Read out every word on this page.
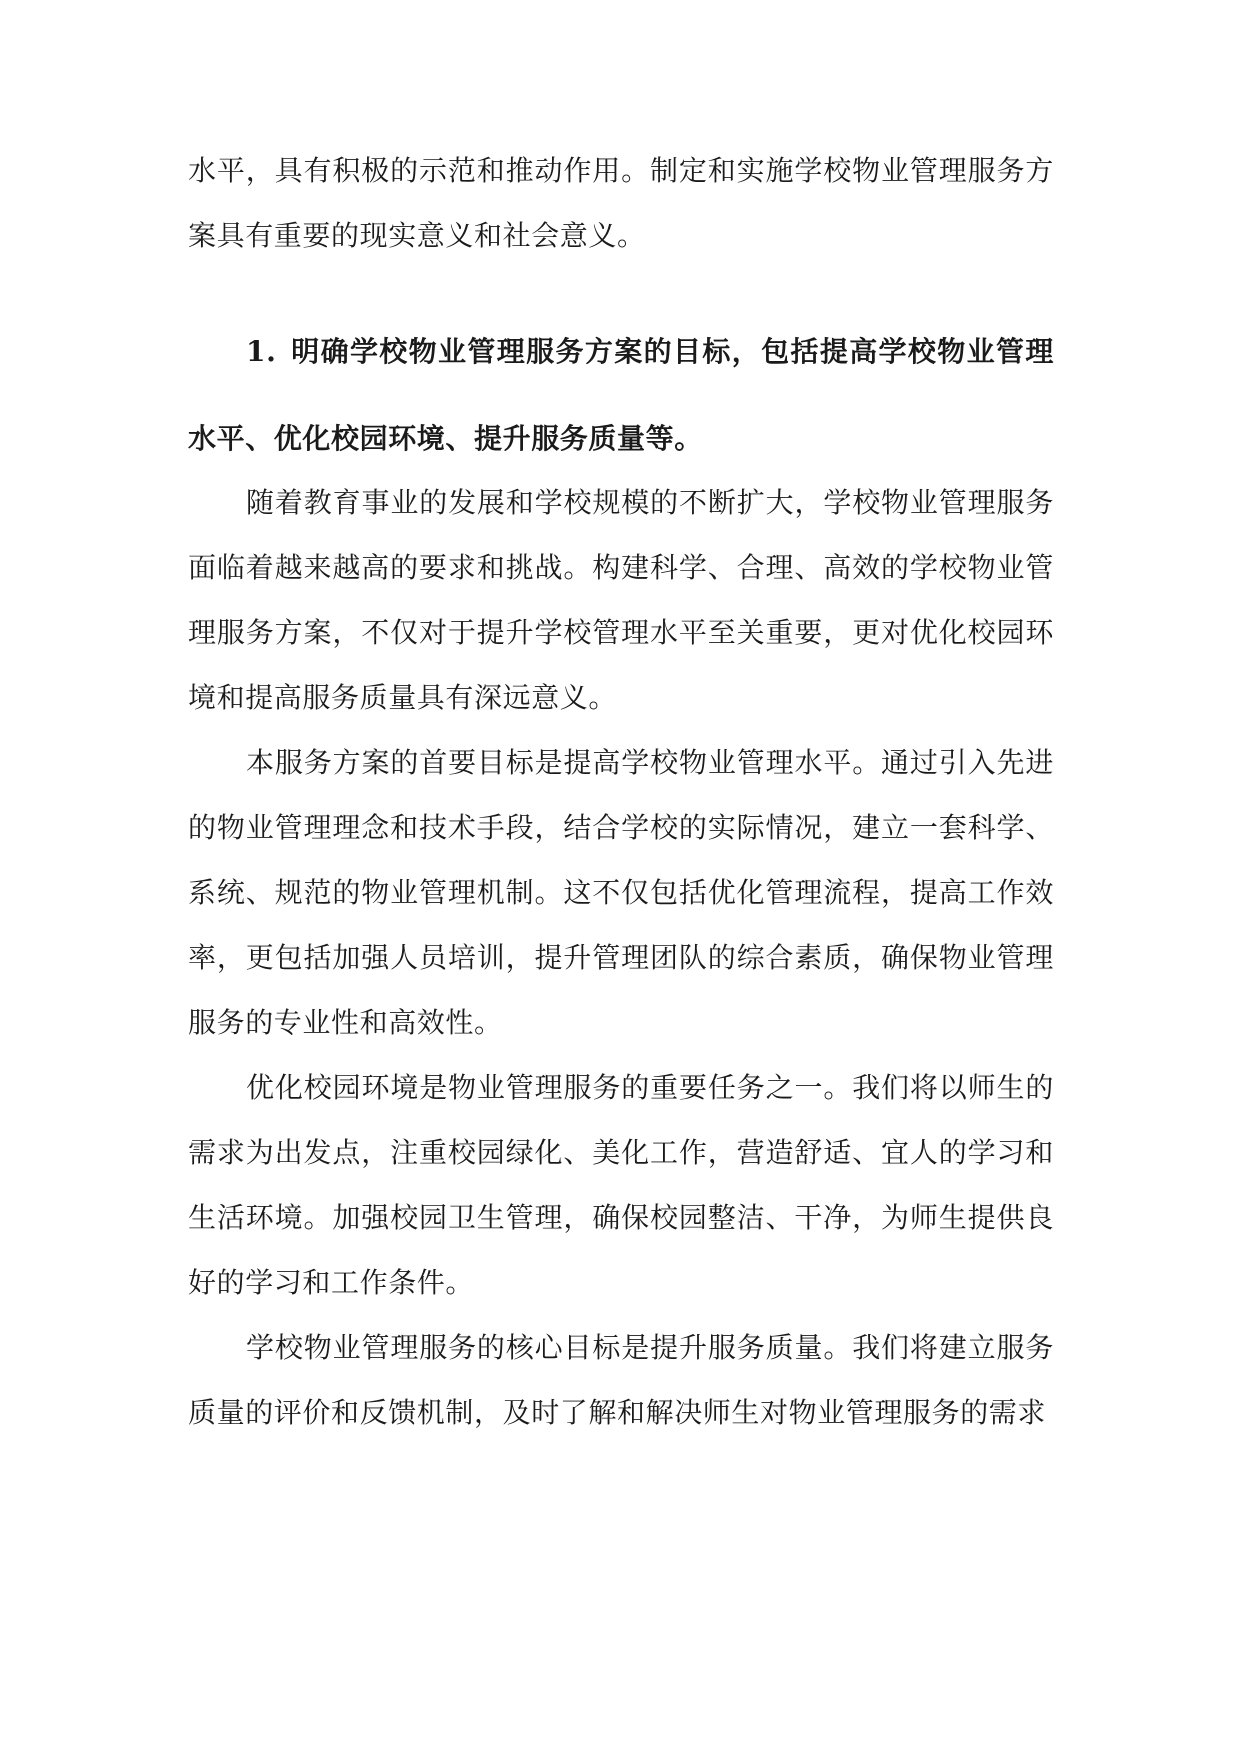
水平，具有积极的示范和推动作用。制定和实施学校物业管理服务方案具有重要的现实意义和社会意义。

1. 明确学校物业管理服务方案的目标，包括提高学校物业管理水平、优化校园环境、提升服务质量等。

随着教育事业的发展和学校规模的不断扩大，学校物业管理服务面临着越来越高的要求和挑战。构建科学、合理、高效的学校物业管理服务方案，不仅对于提升学校管理水平至关重要，更对优化校园环境和提高服务质量具有深远意义。

本服务方案的首要目标是提高学校物业管理水平。通过引入先进的物业管理理念和技术手段，结合学校的实际情况，建立一套科学、系统、规范的物业管理机制。这不仅包括优化管理流程，提高工作效率，更包括加强人员培训，提升管理团队的综合素质，确保物业管理服务的专业性和高效性。

优化校园环境是物业管理服务的重要任务之一。我们将以师生的需求为出发点，注重校园绿化、美化工作，营造舒适、宜人的学习和生活环境。加强校园卫生管理，确保校园整洁、干净，为师生提供良好的学习和工作条件。

学校物业管理服务的核心目标是提升服务质量。我们将建立服务质量的评价和反馈机制，及时了解和解决师生对物业管理服务的需求
